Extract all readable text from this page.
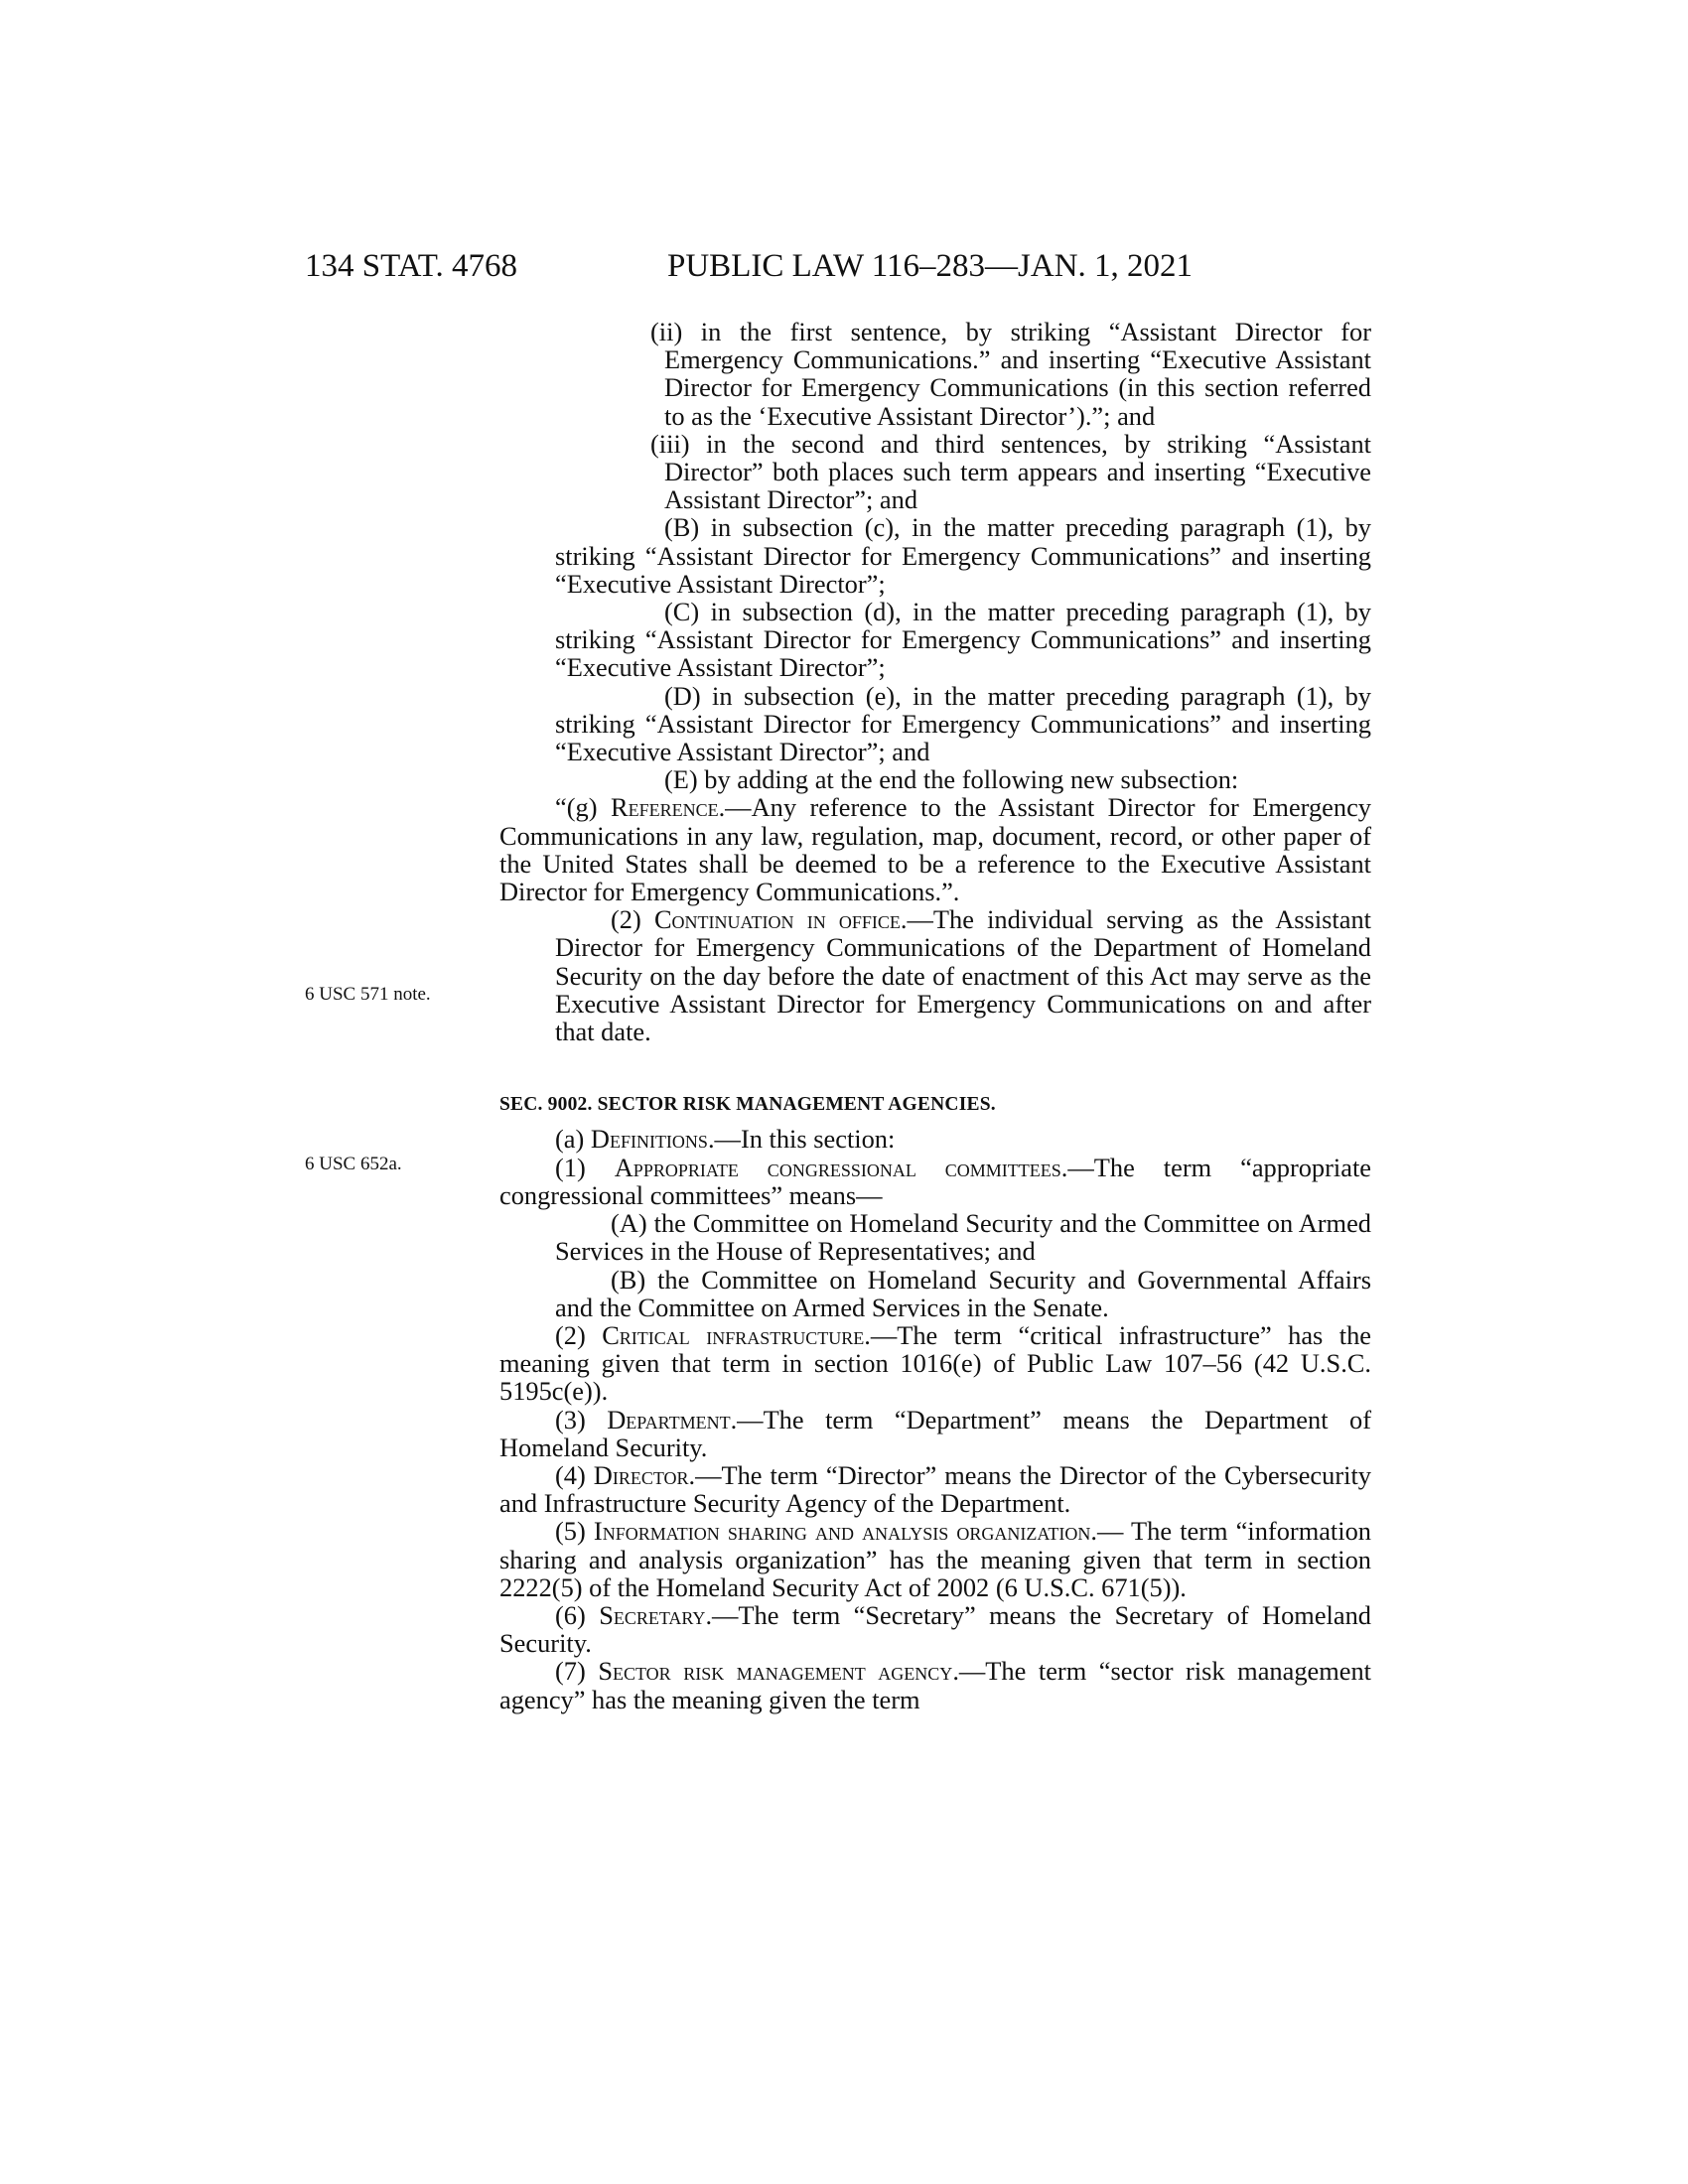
134 STAT. 4768	PUBLIC LAW 116–283—JAN. 1, 2021
6 USC 571 note.
6 USC 652a.

(ii) in the first sentence, by striking “Assistant Director for Emergency Communications.” and inserting “Executive Assistant Director for Emergency Communications (in this section referred to as the ‘Executive Assistant Director’).”; and

(iii) in the second and third sentences, by striking “Assistant Director” both places such term appears and inserting “Executive Assistant Director”; and

(B) in subsection (c), in the matter preceding paragraph (1), by striking “Assistant Director for Emergency Communications” and inserting “Executive Assistant Director”;

(C) in subsection (d), in the matter preceding paragraph (1), by striking “Assistant Director for Emergency Communications” and inserting “Executive Assistant Director”;

(D) in subsection (e), in the matter preceding paragraph (1), by striking “Assistant Director for Emergency Communications” and inserting “Executive Assistant Director”; and

(E) by adding at the end the following new subsection:

“(g) Reference.—Any reference to the Assistant Director for Emergency Communications in any law, regulation, map, document, record, or other paper of the United States shall be deemed to be a reference to the Executive Assistant Director for Emergency Communications.”.

(2) Continuation in office.—The individual serving as the Assistant Director for Emergency Communications of the Department of Homeland Security on the day before the date of enactment of this Act may serve as the Executive Assistant Director for Emergency Communications on and after that date.

SEC. 9002. SECTOR RISK MANAGEMENT AGENCIES.

(a) Definitions.—In this section:

(1) Appropriate congressional committees.—The term “appropriate congressional committees” means—

(A) the Committee on Homeland Security and the Committee on Armed Services in the House of Representatives; and

(B) the Committee on Homeland Security and Governmental Affairs and the Committee on Armed Services in the Senate.

(2) Critical infrastructure.—The term “critical infrastructure” has the meaning given that term in section 1016(e) of Public Law 107–56 (42 U.S.C. 5195c(e)).

(3) Department.—The term “Department” means the Department of Homeland Security.

(4) Director.—The term “Director” means the Director of the Cybersecurity and Infrastructure Security Agency of the Department.

(5) Information sharing and analysis organization.— The term “information sharing and analysis organization” has the meaning given that term in section 2222(5) of the Homeland Security Act of 2002 (6 U.S.C. 671(5)).

(6) Secretary.—The term “Secretary” means the Secretary of Homeland Security.

(7) Sector risk management agency.—The term “sector risk management agency” has the meaning given the term
